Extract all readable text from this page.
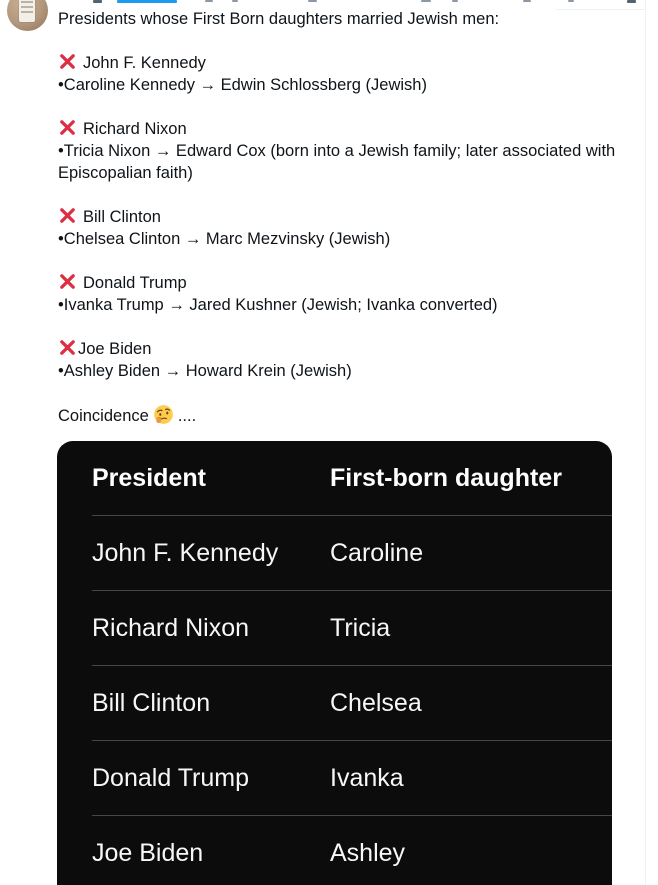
Presidents whose First Born daughters married Jewish men:

John F. Kennedy
•Caroline Kennedy → Edwin Schlossberg (Jewish)

Richard Nixon
•Tricia Nixon → Edward Cox (born into a Jewish family; later associated with Episcopalian faith)

Bill Clinton
•Chelsea Clinton → Marc Mezvinsky (Jewish)

Donald Trump
•Ivanka Trump → Jared Kushner (Jewish; Ivanka converted)

Joe Biden
•Ashley Biden → Howard Krein (Jewish)

Coincidence ....

President	First-born daughter
John F. Kennedy	Caroline
Richard Nixon	Tricia
Bill Clinton	Chelsea
Donald Trump	Ivanka
Joe Biden	Ashley
